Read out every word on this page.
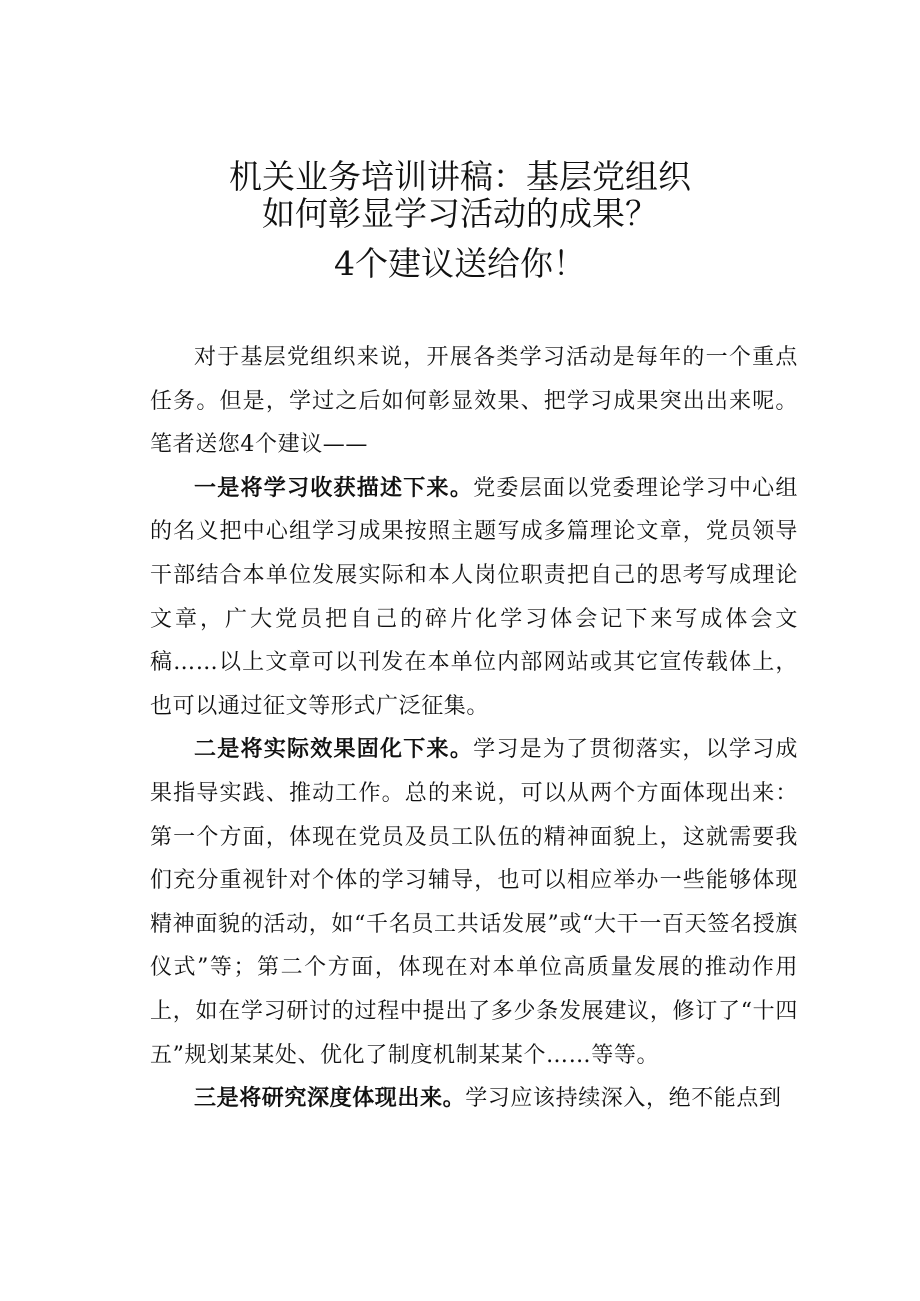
机关业务培训讲稿：基层党组织
如何彰显学习活动的成果？
4个建议送给你！

对于基层党组织来说，开展各类学习活动是每年的一个重点任务。但是，学过之后如何彰显效果、把学习成果突出出来呢。笔者送您4个建议——

一是将学习收获描述下来。党委层面以党委理论学习中心组的名义把中心组学习成果按照主题写成多篇理论文章，党员领导干部结合本单位发展实际和本人岗位职责把自己的思考写成理论文章，广大党员把自己的碎片化学习体会记下来写成体会文稿……以上文章可以刊发在本单位内部网站或其它宣传载体上，也可以通过征文等形式广泛征集。

二是将实际效果固化下来。学习是为了贯彻落实，以学习成果指导实践、推动工作。总的来说，可以从两个方面体现出来：第一个方面，体现在党员及员工队伍的精神面貌上，这就需要我们充分重视针对个体的学习辅导，也可以相应举办一些能够体现精神面貌的活动，如“千名员工共话发展”或“大干一百天签名授旗仪式”等；第二个方面，体现在对本单位高质量发展的推动作用上，如在学习研讨的过程中提出了多少条发展建议，修订了“十四五”规划某某处、优化了制度机制某某个……等等。

三是将研究深度体现出来。学习应该持续深入，绝不能点到
